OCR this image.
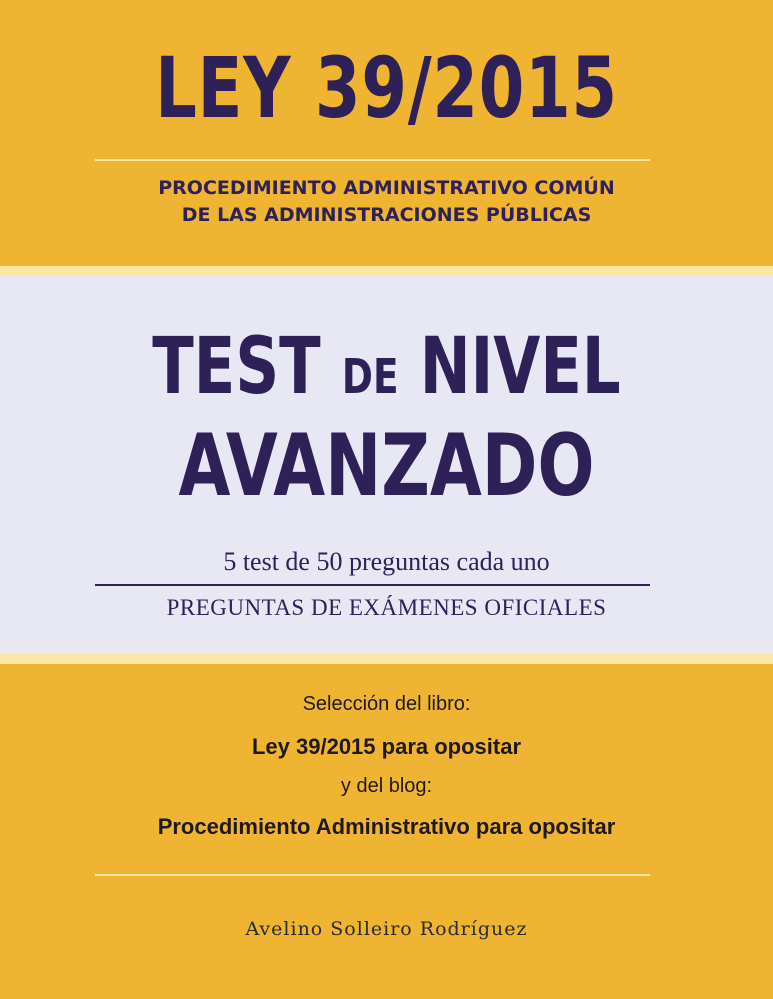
LEY 39/2015
PROCEDIMIENTO ADMINISTRATIVO COMÚN
DE LAS ADMINISTRACIONES PÚBLICAS
TEST DE NIVEL
AVANZADO
5 test de 50 preguntas cada uno
PREGUNTAS DE EXÁMENES OFICIALES
Selección del libro:
Ley 39/2015 para opositar
y del blog:
Procedimiento Administrativo para opositar
Avelino Solleiro Rodríguez
